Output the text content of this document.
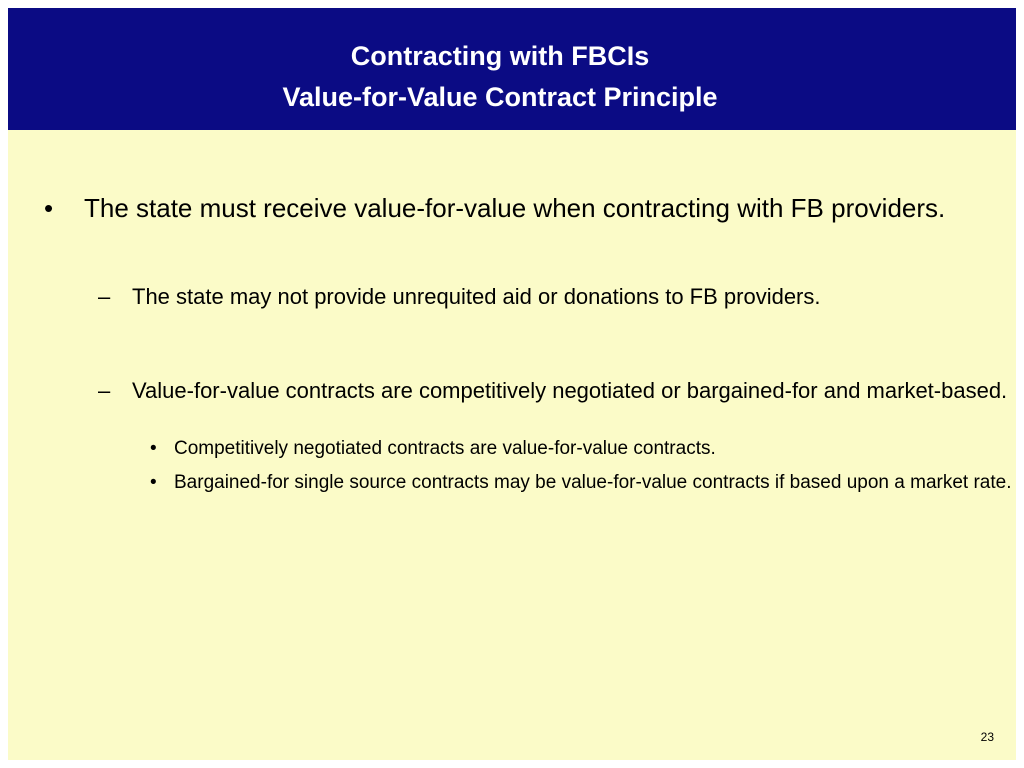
Contracting with FBCIs
Value-for-Value Contract Principle
• The state must receive value-for-value when contracting with FB providers.
– The state may not provide unrequited aid or donations to FB providers.
– Value-for-value contracts are competitively negotiated or bargained-for and market-based.
• Competitively negotiated contracts are value-for-value contracts.
• Bargained-for single source contracts may be value-for-value contracts if based upon a market rate.
23
